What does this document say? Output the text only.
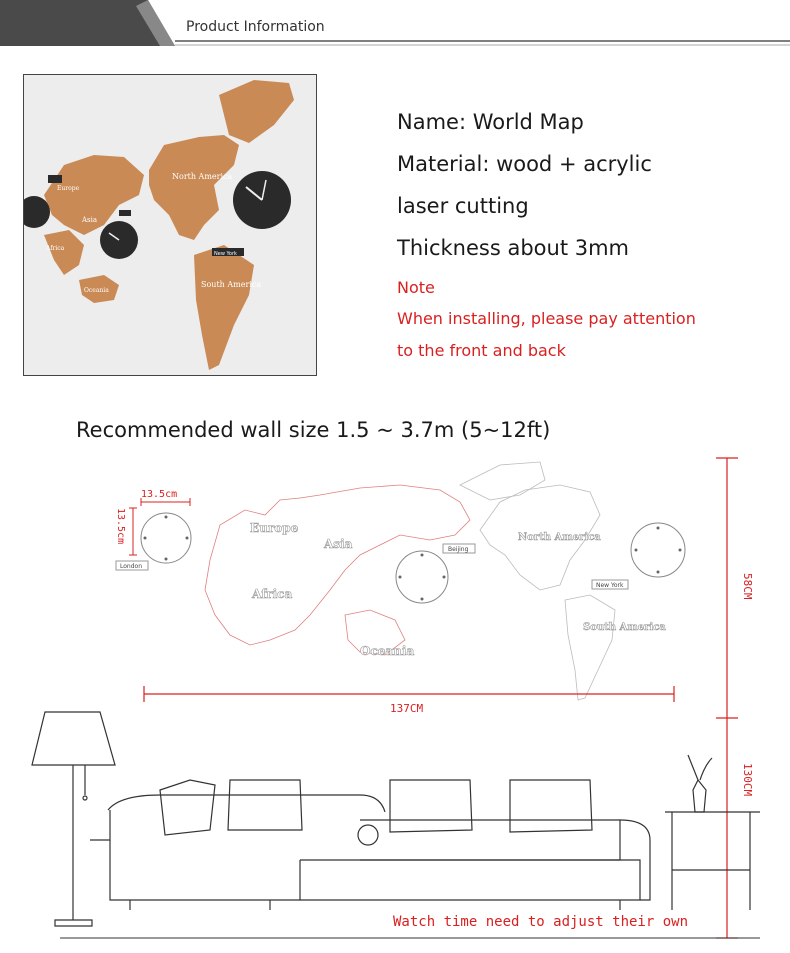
Product Information
North America
South America
New York
Asia
Europe
Africa
Oceania
Name: World Map
Material: wood + acrylic
laser cutting
Thickness about 3mm
Note
When installing, please pay attention
to the front and back
Recommended wall size 1.5 ~ 3.7m (5~12ft)
13.5cm
13.5cm	Europe
Asia
Africa
Oceania
North America
South America
London
Beijing
New York
137CM
58CM
130CM
Watch time need to adjust their own
